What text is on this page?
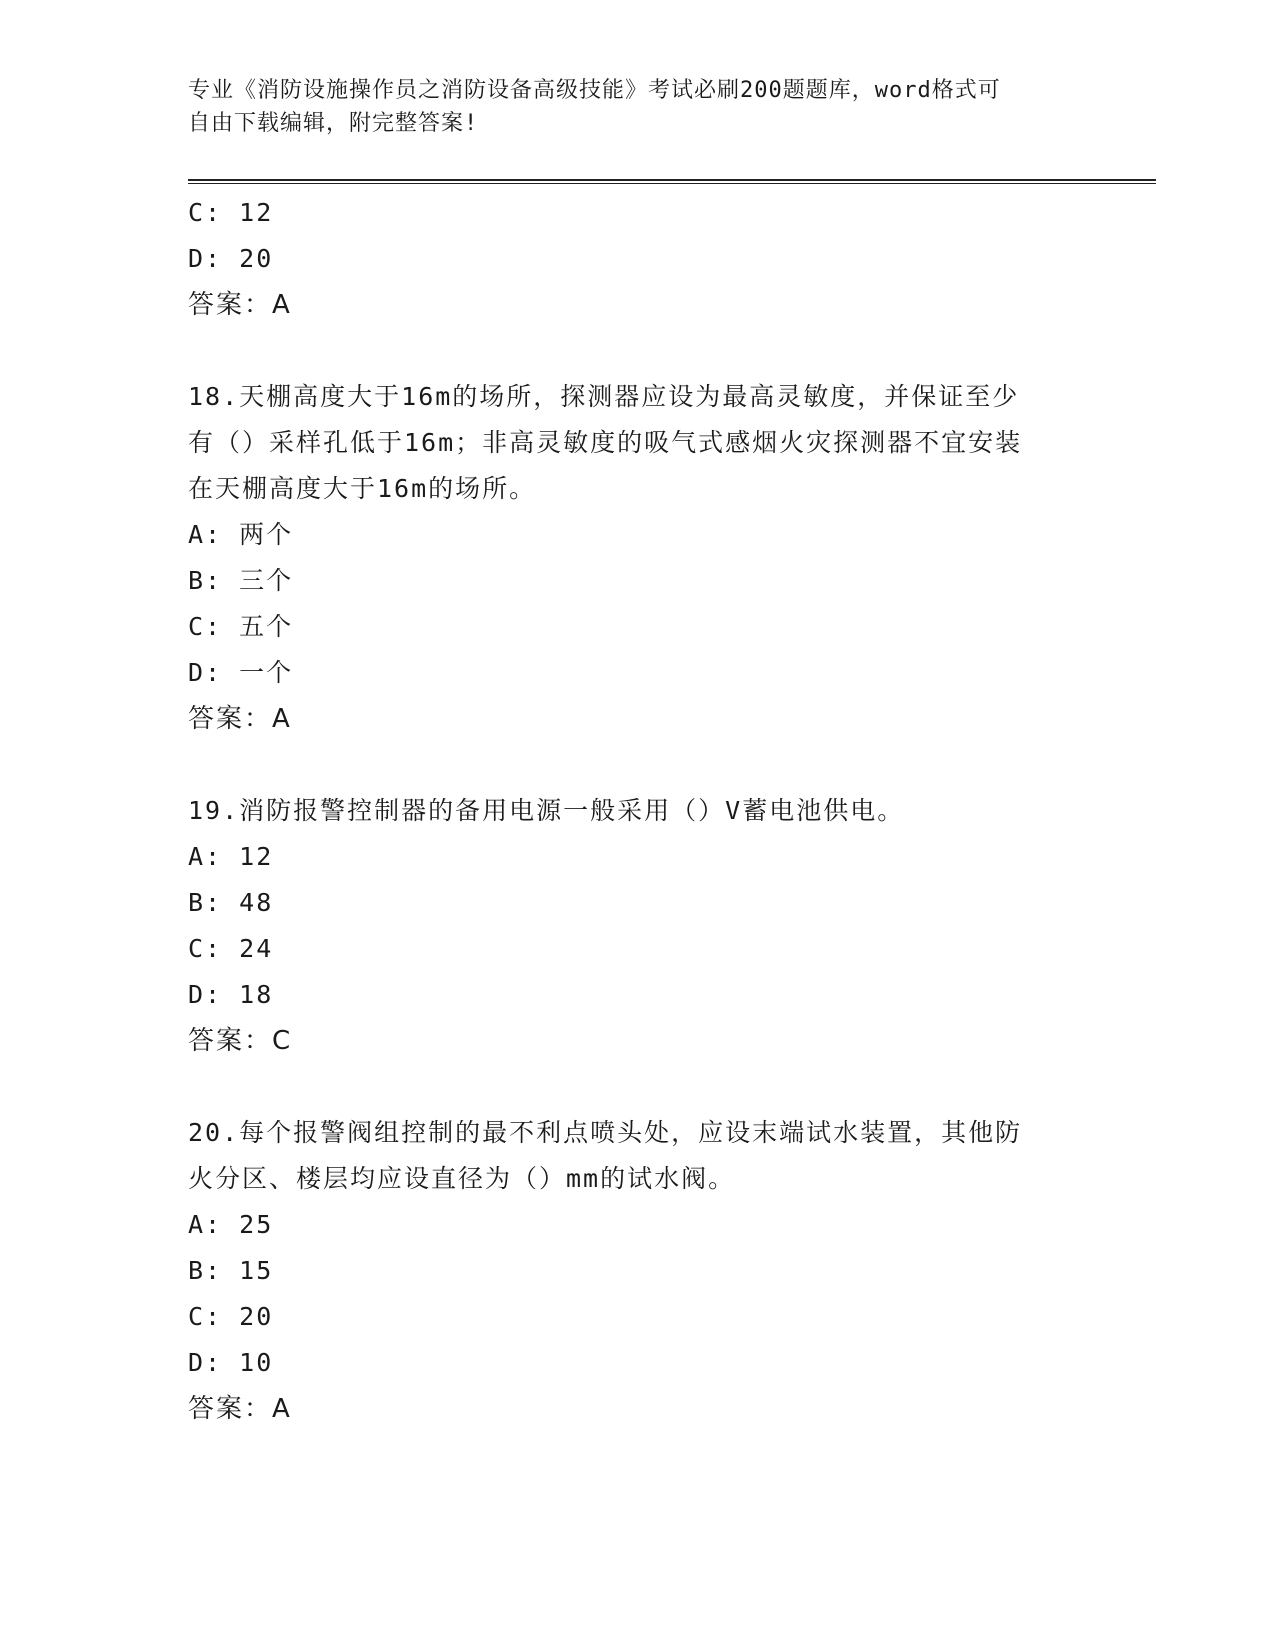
专业《消防设施操作员之消防设备高级技能》考试必刷200题题库，word格式可
自由下载编辑，附完整答案!
C: 12
D: 20
答案：A
18.天棚高度大于16m的场所，探测器应设为最高灵敏度，并保证至少
有（）采样孔低于16m；非高灵敏度的吸气式感烟火灾探测器不宜安装
在天棚高度大于16m的场所。
A: 两个
B: 三个
C: 五个
D: 一个
答案：A
19.消防报警控制器的备用电源一般采用（）V蓄电池供电。
A: 12
B: 48
C: 24
D: 18
答案：C
20.每个报警阀组控制的最不利点喷头处，应设末端试水装置，其他防
火分区、楼层均应设直径为（）mm的试水阀。
A: 25
B: 15
C: 20
D: 10
答案：A
